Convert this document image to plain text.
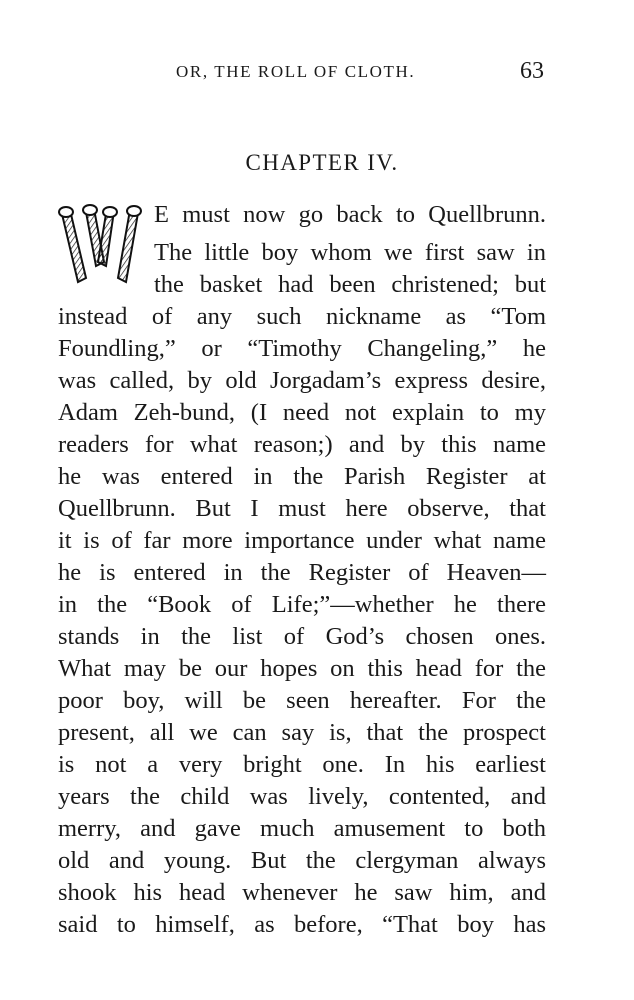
OR, THE ROLL OF CLOTH.	63
CHAPTER IV.
W
E must now go back to Quellbrunn.
The little boy whom we first saw in
the basket had been christened; but
instead of any such nickname as “Tom
Foundling,” or “Timothy Changeling,” he
was called, by old Jorgadam’s express desire,
Adam Zeh-bund, (I need not explain to my
readers for what reason;) and by this name
he was entered in the Parish Register at
Quellbrunn. But I must here observe, that
it is of far more importance under what name
he is entered in the Register of Heaven—
in the “Book of Life;”—whether he there
stands in the list of God’s chosen ones.
What may be our hopes on this head for the
poor boy, will be seen hereafter. For the
present, all we can say is, that the prospect
is not a very bright one. In his earliest
years the child was lively, contented, and
merry, and gave much amusement to both
old and young. But the clergyman always
shook his head whenever he saw him, and
said to himself, as before, “That boy has
